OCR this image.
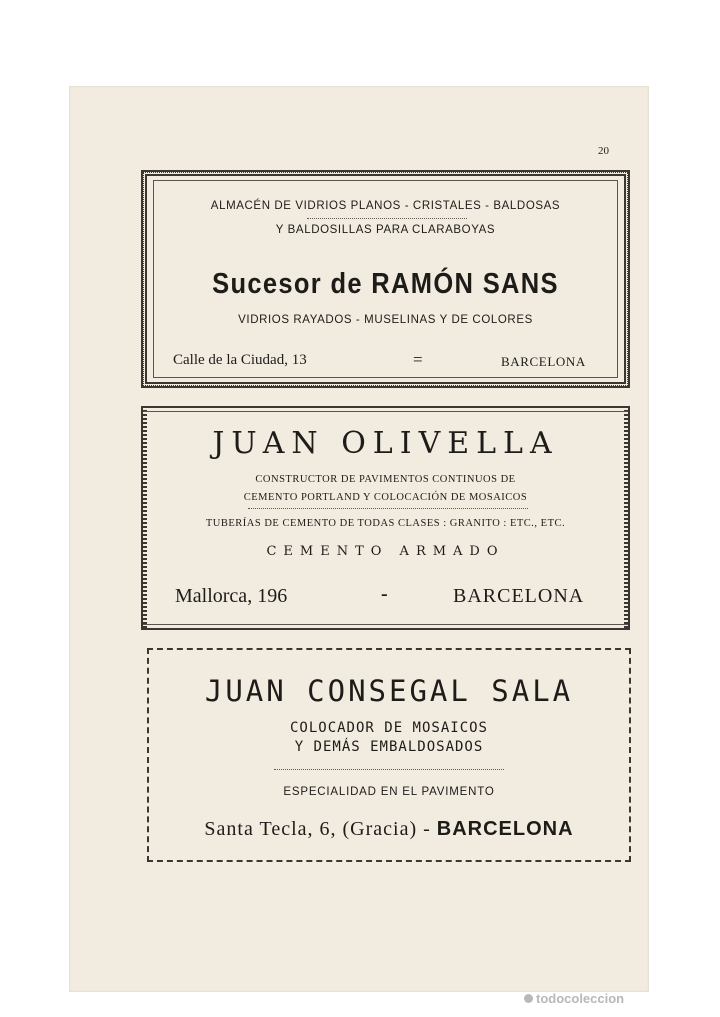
20
ALMACÉN DE VIDRIOS PLANOS - CRISTALES - BALDOSAS
Y BALDOSILLAS PARA CLARABOYAS
Sucesor de RAMÓN SANS
VIDRIOS RAYADOS - MUSELINAS Y DE COLORES
Calle de la Ciudad, 13	=	BARCELONA
JUAN OLIVELLA
CONSTRUCTOR DE PAVIMENTOS CONTINUOS DE
CEMENTO PORTLAND Y COLOCACIÓN DE MOSAICOS
TUBERÍAS DE CEMENTO DE TODAS CLASES : GRANITO : ETC., ETC.
CEMENTO ARMADO
Mallorca, 196	-	BARCELONA
JUAN CONSEGAL SALA
COLOCADOR DE MOSAICOS
Y DEMÁS EMBALDOSADOS
ESPECIALIDAD EN EL PAVIMENTO
Santa Tecla, 6, (Gracia) - BARCELONA
todocoleccion
